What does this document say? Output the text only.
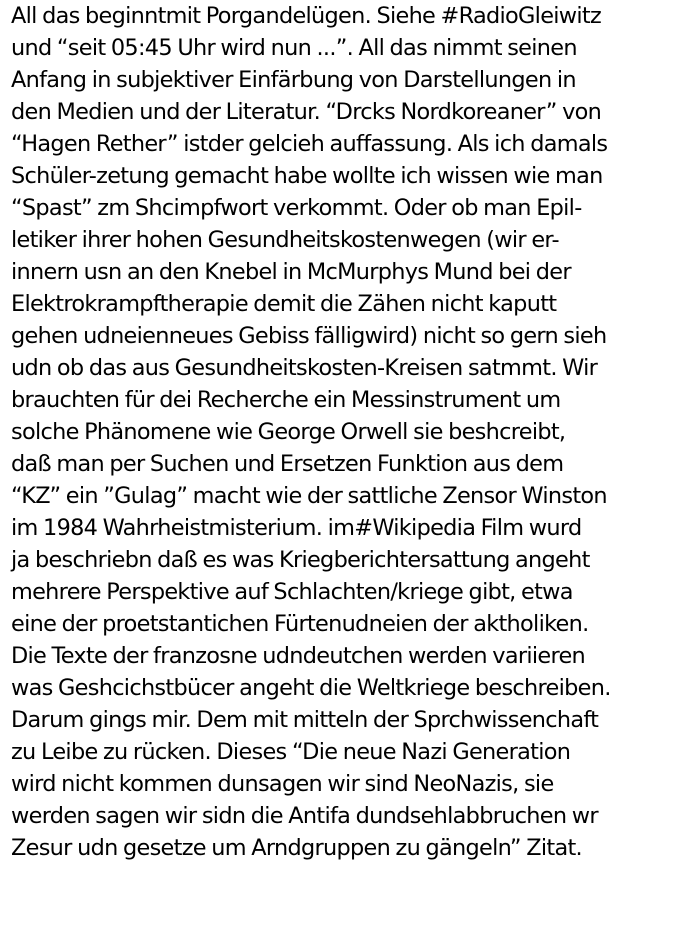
All das beginntmit Porgandelügen. Siehe #RadioGleiwitz
und “seit 05:45 Uhr wird nun ...”. All das nimmt seinen
Anfang in subjektiver Einfärbung von Darstellungen in
den Medien und der Literatur. “Drcks Nordkoreaner” von
“Hagen Rether” istder gelcieh auffassung. Als ich damals
Schüler-zetung gemacht habe wollte ich wissen wie man
“Spast” zm Shcimpfwort verkommt. Oder ob man Epil-
letiker ihrer hohen Gesundheitskostenwegen (wir er-
innern usn an den Knebel in McMurphys Mund bei der
Elektrokrampftherapie demit die Zähen nicht kaputt
gehen udneienneues Gebiss fälligwird) nicht so gern sieh
udn ob das aus Gesundheitskosten-Kreisen satmmt. Wir
brauchten für dei Recherche ein Messinstrument um
solche Phänomene wie George Orwell sie beshcreibt,
daß man per Suchen und Ersetzen Funktion aus dem
“KZ” ein ”Gulag” macht wie der sattliche Zensor Winston
im 1984 Wahrheistmisterium. im#Wikipedia Film wurd
ja beschriebn daß es was Kriegberichtersattung angeht
mehrere Perspektive auf Schlachten/kriege gibt, etwa
eine der proetstantichen Fürtenudneien der aktholiken.
Die Texte der franzosne udndeutchen werden variieren
was Geshcichstbücer angeht die Weltkriege beschreiben.
Darum gings mir. Dem mit mitteln der Sprchwissenchaft
zu Leibe zu rücken. Dieses “Die neue Nazi Generation
wird nicht kommen dunsagen wir sind NeoNazis, sie
werden sagen wir sidn die Antifa dundsehlabbruchen wr
Zesur udn gesetze um Arndgruppen zu gängeln” Zitat.
